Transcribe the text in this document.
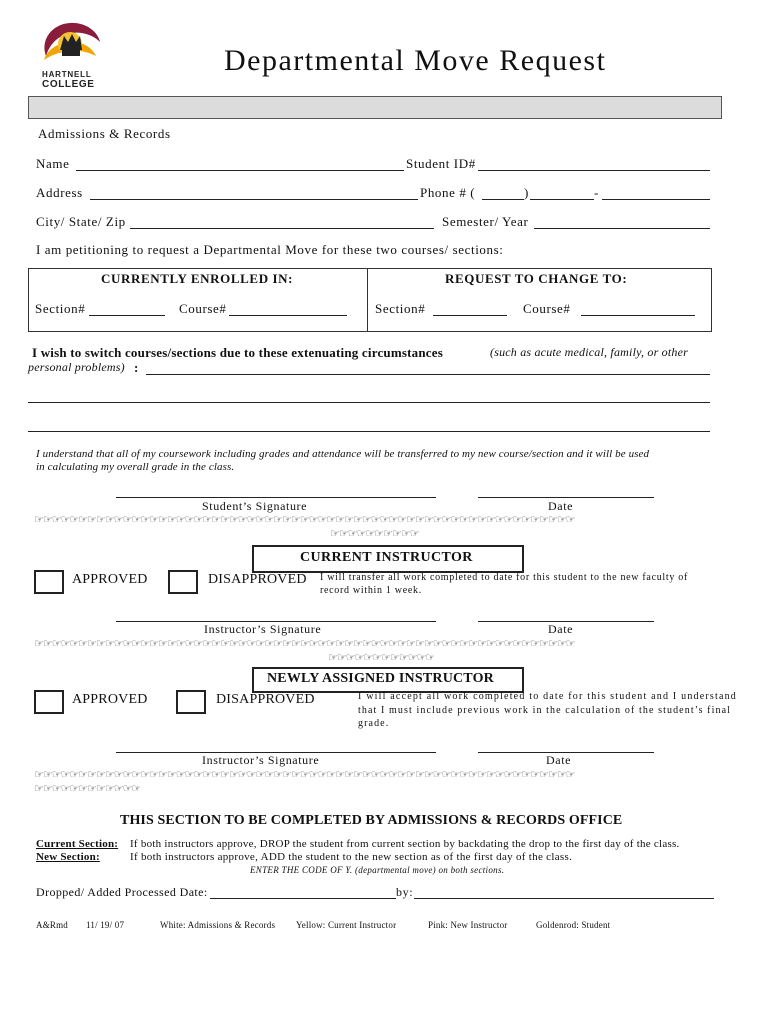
HARTNELL
COLLEGE
Departmental Move Request
Admissions & Records
Name	Student ID#
Address	Phone # (	)	-
City/ State/ Zip	Semester/ Year
I am petitioning to request a Departmental Move for these two courses/ sections:
CURRENTLY ENROLLED IN:	REQUEST TO CHANGE TO:
Section#	Course#	Section#	Course#
I wish to switch courses/sections due to these extenuating circumstances	(such as acute medical, family, or other
personal problems) :
I understand that all of my coursework including grades and attendance will be transferred to my new course/section and it will be used
in calculating my overall grade in the class.
Student’s Signature	Date
☞☞☞☞☞☞☞☞☞☞☞☞☞☞☞☞☞☞☞☞☞☞☞☞☞☞☞☞☞☞☞☞☞☞☞☞☞☞☞☞☞☞☞☞☞☞☞☞☞☞☞☞☞☞☞☞☞☞☞☞☞
☞☞☞☞☞☞☞☞☞☞
CURRENT INSTRUCTOR
APPROVED	DISAPPROVED I will transfer all work completed to date for this student to the new faculty of
record within 1 week.
Instructor’s Signature	Date
☞☞☞☞☞☞☞☞☞☞☞☞☞☞☞☞☞☞☞☞☞☞☞☞☞☞☞☞☞☞☞☞☞☞☞☞☞☞☞☞☞☞☞☞☞☞☞☞☞☞☞☞☞☞☞☞☞☞☞☞☞
☞☞☞☞☞☞☞☞☞☞☞☞
NEWLY ASSIGNED INSTRUCTOR
APPROVED	DISAPPROVED	I will accept all work completed to date for this student and I understand
that I must include previous work in the calculation of the student’s final
grade.
Instructor’s Signature	Date
☞☞☞☞☞☞☞☞☞☞☞☞☞☞☞☞☞☞☞☞☞☞☞☞☞☞☞☞☞☞☞☞☞☞☞☞☞☞☞☞☞☞☞☞☞☞☞☞☞☞☞☞☞☞☞☞☞☞☞☞☞
☞☞☞☞☞☞☞☞☞☞☞☞
THIS SECTION TO BE COMPLETED BY ADMISSIONS & RECORDS OFFICE
Current Section: If both instructors approve, DROP the student from current section by backdating the drop to the first day of the class.
New Section:	If both instructors approve, ADD the student to the new section as of the first day of the class.
ENTER THE CODE OF Y. (departmental move) on both sections.
Dropped/ Added Processed Date:	by:
A&Rmd 11/ 19/ 07	White: Admissions & Records Yellow: Current Instructor	Pink: New Instructor	Goldenrod: Student
